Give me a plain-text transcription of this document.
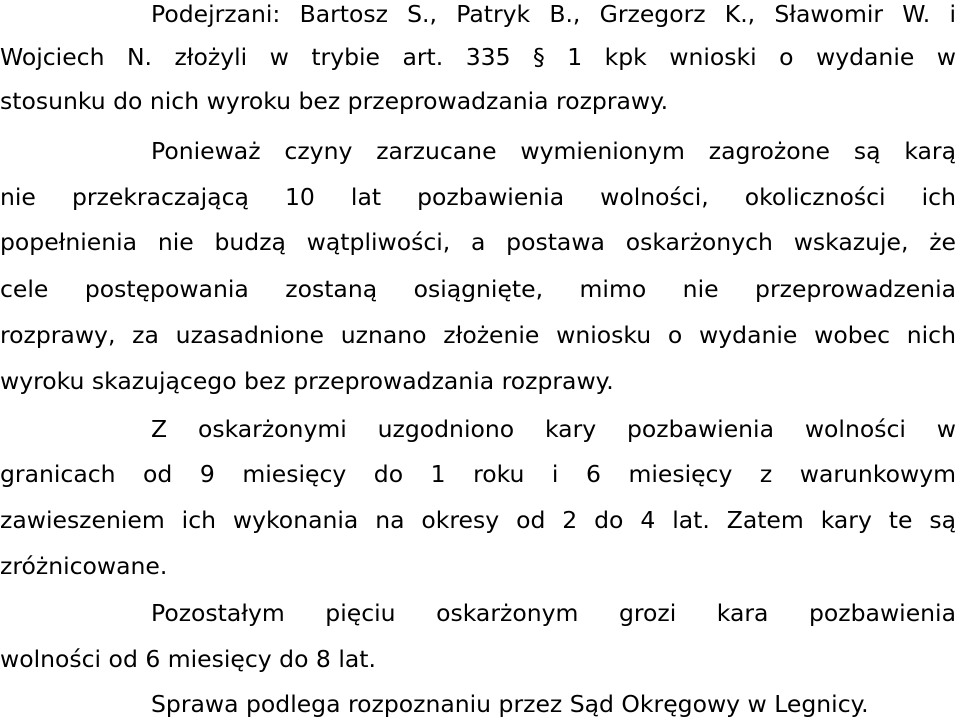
Podejrzani: Bartosz S., Patryk B., Grzegorz K., Sławomir W. i
Wojciech N. złożyli w trybie art. 335 § 1 kpk wnioski o wydanie w
stosunku do nich wyroku bez przeprowadzania rozprawy.
Ponieważ czyny zarzucane wymienionym zagrożone są karą
nie przekraczającą 10 lat pozbawienia wolności, okoliczności ich
popełnienia nie budzą wątpliwości, a postawa oskarżonych wskazuje, że
cele postępowania zostaną osiągnięte, mimo nie przeprowadzenia
rozprawy, za uzasadnione uznano złożenie wniosku o wydanie wobec nich
wyroku skazującego bez przeprowadzania rozprawy.
Z oskarżonymi uzgodniono kary pozbawienia wolności w
granicach od 9 miesięcy do 1 roku i 6 miesięcy z warunkowym
zawieszeniem ich wykonania na okresy od 2 do 4 lat. Zatem kary te są
zróżnicowane.
Pozostałym pięciu oskarżonym grozi kara pozbawienia
wolności od 6 miesięcy do 8 lat.
Sprawa podlega rozpoznaniu przez Sąd Okręgowy w Legnicy.
